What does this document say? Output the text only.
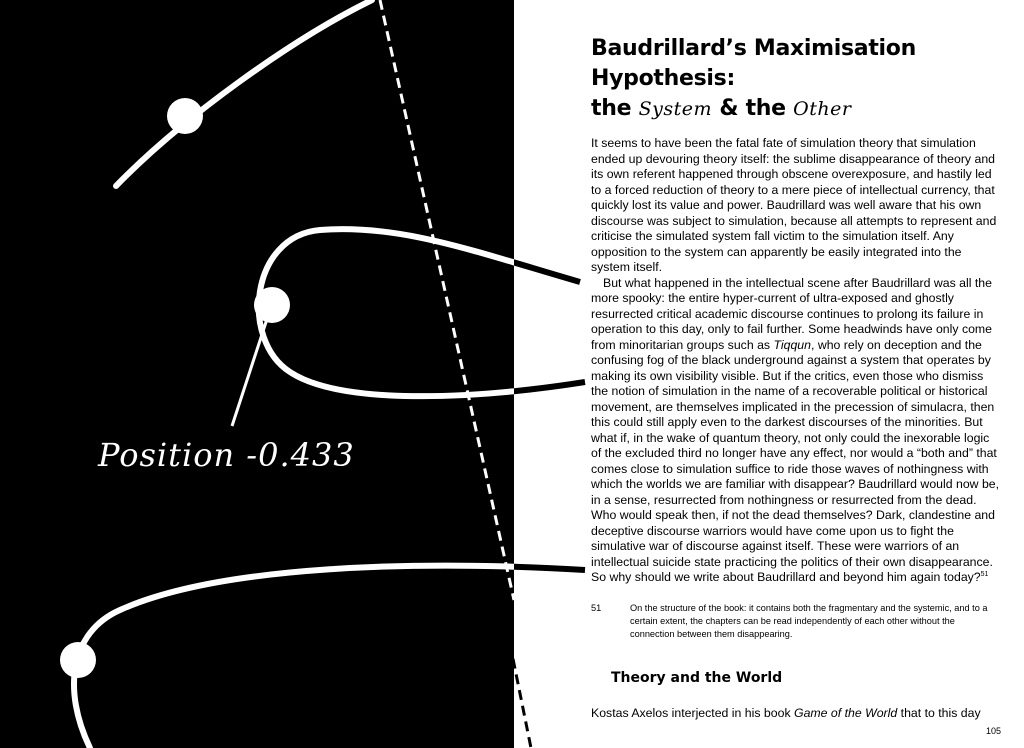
Position -0.433
Baudrillard’s Maximisation Hypothesis:
the System & the Other

It seems to have been the fatal fate of simulation theory that simulation ended up devouring theory itself: the sublime disappearance of theory and its own referent happened through obscene overexposure, and hastily led to a forced reduction of theory to a mere piece of intellectual currency, that quickly lost its value and power. Baudrillard was well aware that his own discourse was subject to simulation, because all attempts to represent and criticise the simulated system fall victim to the simulation itself. Any opposition to the system can apparently be easily integrated into the system itself.

But what happened in the intellectual scene after Baudrillard was all the more spooky: the entire hyper-current of ultra-exposed and ghostly resurrected critical academic discourse continues to prolong its failure in operation to this day, only to fail further. Some headwinds have only come from minoritarian groups such as Tiqqun, who rely on deception and the confusing fog of the black underground against a system that operates by making its own visibility visible. But if the critics, even those who dismiss the notion of simulation in the name of a recoverable political or historical movement, are themselves implicated in the precession of simulacra, then this could still apply even to the darkest discourses of the minorities. But what if, in the wake of quantum theory, not only could the inexorable logic of the excluded third no longer have any effect, nor would a “both and” that comes close to simulation suffice to ride those waves of nothingness with which the worlds we are familiar with disappear? Baudrillard would now be, in a sense, resurrected from nothingness or resurrected from the dead. Who would speak then, if not the dead themselves? Dark, clandestine and deceptive discourse warriors would have come upon us to fight the simulative war of discourse against itself. These were warriors of an intellectual suicide state practicing the politics of their own disappearance. So why should we write about Baudrillard and beyond him again today?$^{51}$

51	On the structure of the book: it contains both the fragmentary and the systemic, and to a certain extent, the chapters can be read independently of each other without the connection between them disappearing.
Theory and the World
Kostas Axelos interjected in his book Game of the World that to this day
105
